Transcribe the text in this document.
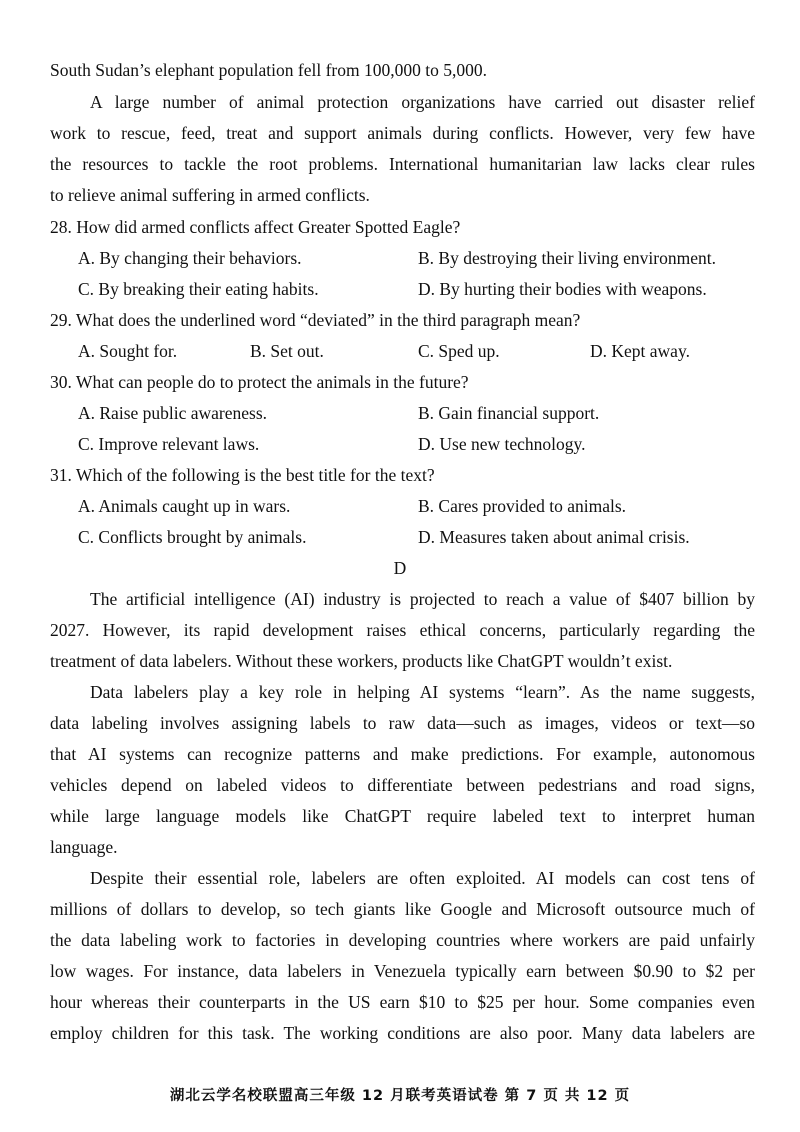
South Sudan’s elephant population fell from 100,000 to 5,000.
A large number of animal protection organizations have carried out disaster relief
work to rescue, feed, treat and support animals during conflicts. However, very few have
the resources to tackle the root problems. International humanitarian law lacks clear rules
to relieve animal suffering in armed conflicts.
28. How did armed conflicts affect Greater Spotted Eagle?
A. By changing their behaviors.	B. By destroying their living environment.
C. By breaking their eating habits.	D. By hurting their bodies with weapons.
29. What does the underlined word “deviated” in the third paragraph mean?
A. Sought for.	B. Set out.	C. Sped up.	D. Kept away.
30. What can people do to protect the animals in the future?
A. Raise public awareness.	B. Gain financial support.
C. Improve relevant laws.	D. Use new technology.
31. Which of the following is the best title for the text?
A. Animals caught up in wars.	B. Cares provided to animals.
C. Conflicts brought by animals.	D. Measures taken about animal crisis.
D
The artificial intelligence (AI) industry is projected to reach a value of $407 billion by
2027. However, its rapid development raises ethical concerns, particularly regarding the
treatment of data labelers. Without these workers, products like ChatGPT wouldn’t exist.
Data labelers play a key role in helping AI systems “learn”. As the name suggests,
data labeling involves assigning labels to raw data—such as images, videos or text—so
that AI systems can recognize patterns and make predictions. For example, autonomous
vehicles depend on labeled videos to differentiate between pedestrians and road signs,
while large language models like ChatGPT require labeled text to interpret human
language.
Despite their essential role, labelers are often exploited. AI models can cost tens of
millions of dollars to develop, so tech giants like Google and Microsoft outsource much of
the data labeling work to factories in developing countries where workers are paid unfairly
low wages. For instance, data labelers in Venezuela typically earn between $0.90 to $2 per
hour whereas their counterparts in the US earn $10 to $25 per hour. Some companies even
employ children for this task. The working conditions are also poor. Many data labelers are
湖北云学名校联盟高三年级 12 月联考英语试卷 第 7 页 共 12 页
